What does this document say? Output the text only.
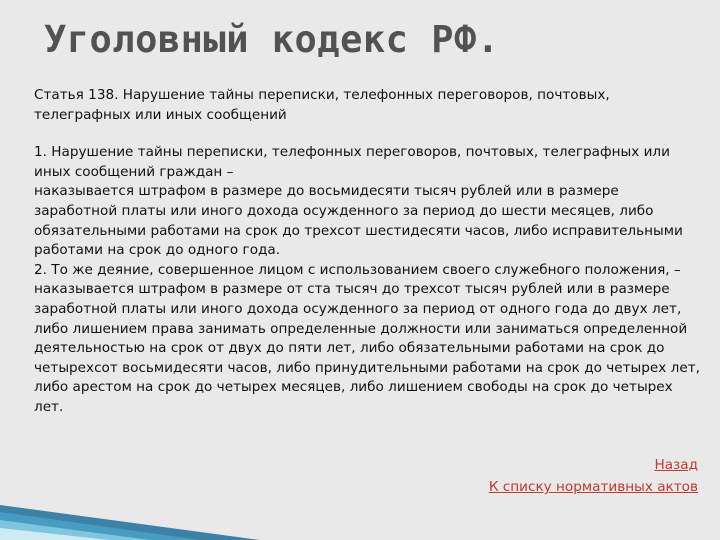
Уголовный кодекс РФ.

Статья 138. Нарушение тайны переписки, телефонных переговоров, почтовых, телеграфных или иных сообщений

1. Нарушение тайны переписки, телефонных переговоров, почтовых, телеграфных или иных сообщений граждан –

наказывается штрафом в размере до восьмидесяти тысяч рублей или в размере заработной платы или иного дохода осужденного за период до шести месяцев, либо обязательными работами на срок до трехсот шестидесяти часов, либо исправительными работами на срок до одного года.

2. То же деяние, совершенное лицом с использованием своего служебного положения, –

наказывается штрафом в размере от ста тысяч до трехсот тысяч рублей или в размере заработной платы или иного дохода осужденного за период от одного года до двух лет, либо лишением права занимать определенные должности или заниматься определенной деятельностью на срок от двух до пяти лет, либо обязательными работами на срок до четырехсот восьмидесяти часов, либо принудительными работами на срок до четырех лет, либо арестом на срок до четырех месяцев, либо лишением свободы на срок до четырех лет.

Назад
К списку нормативных актов
